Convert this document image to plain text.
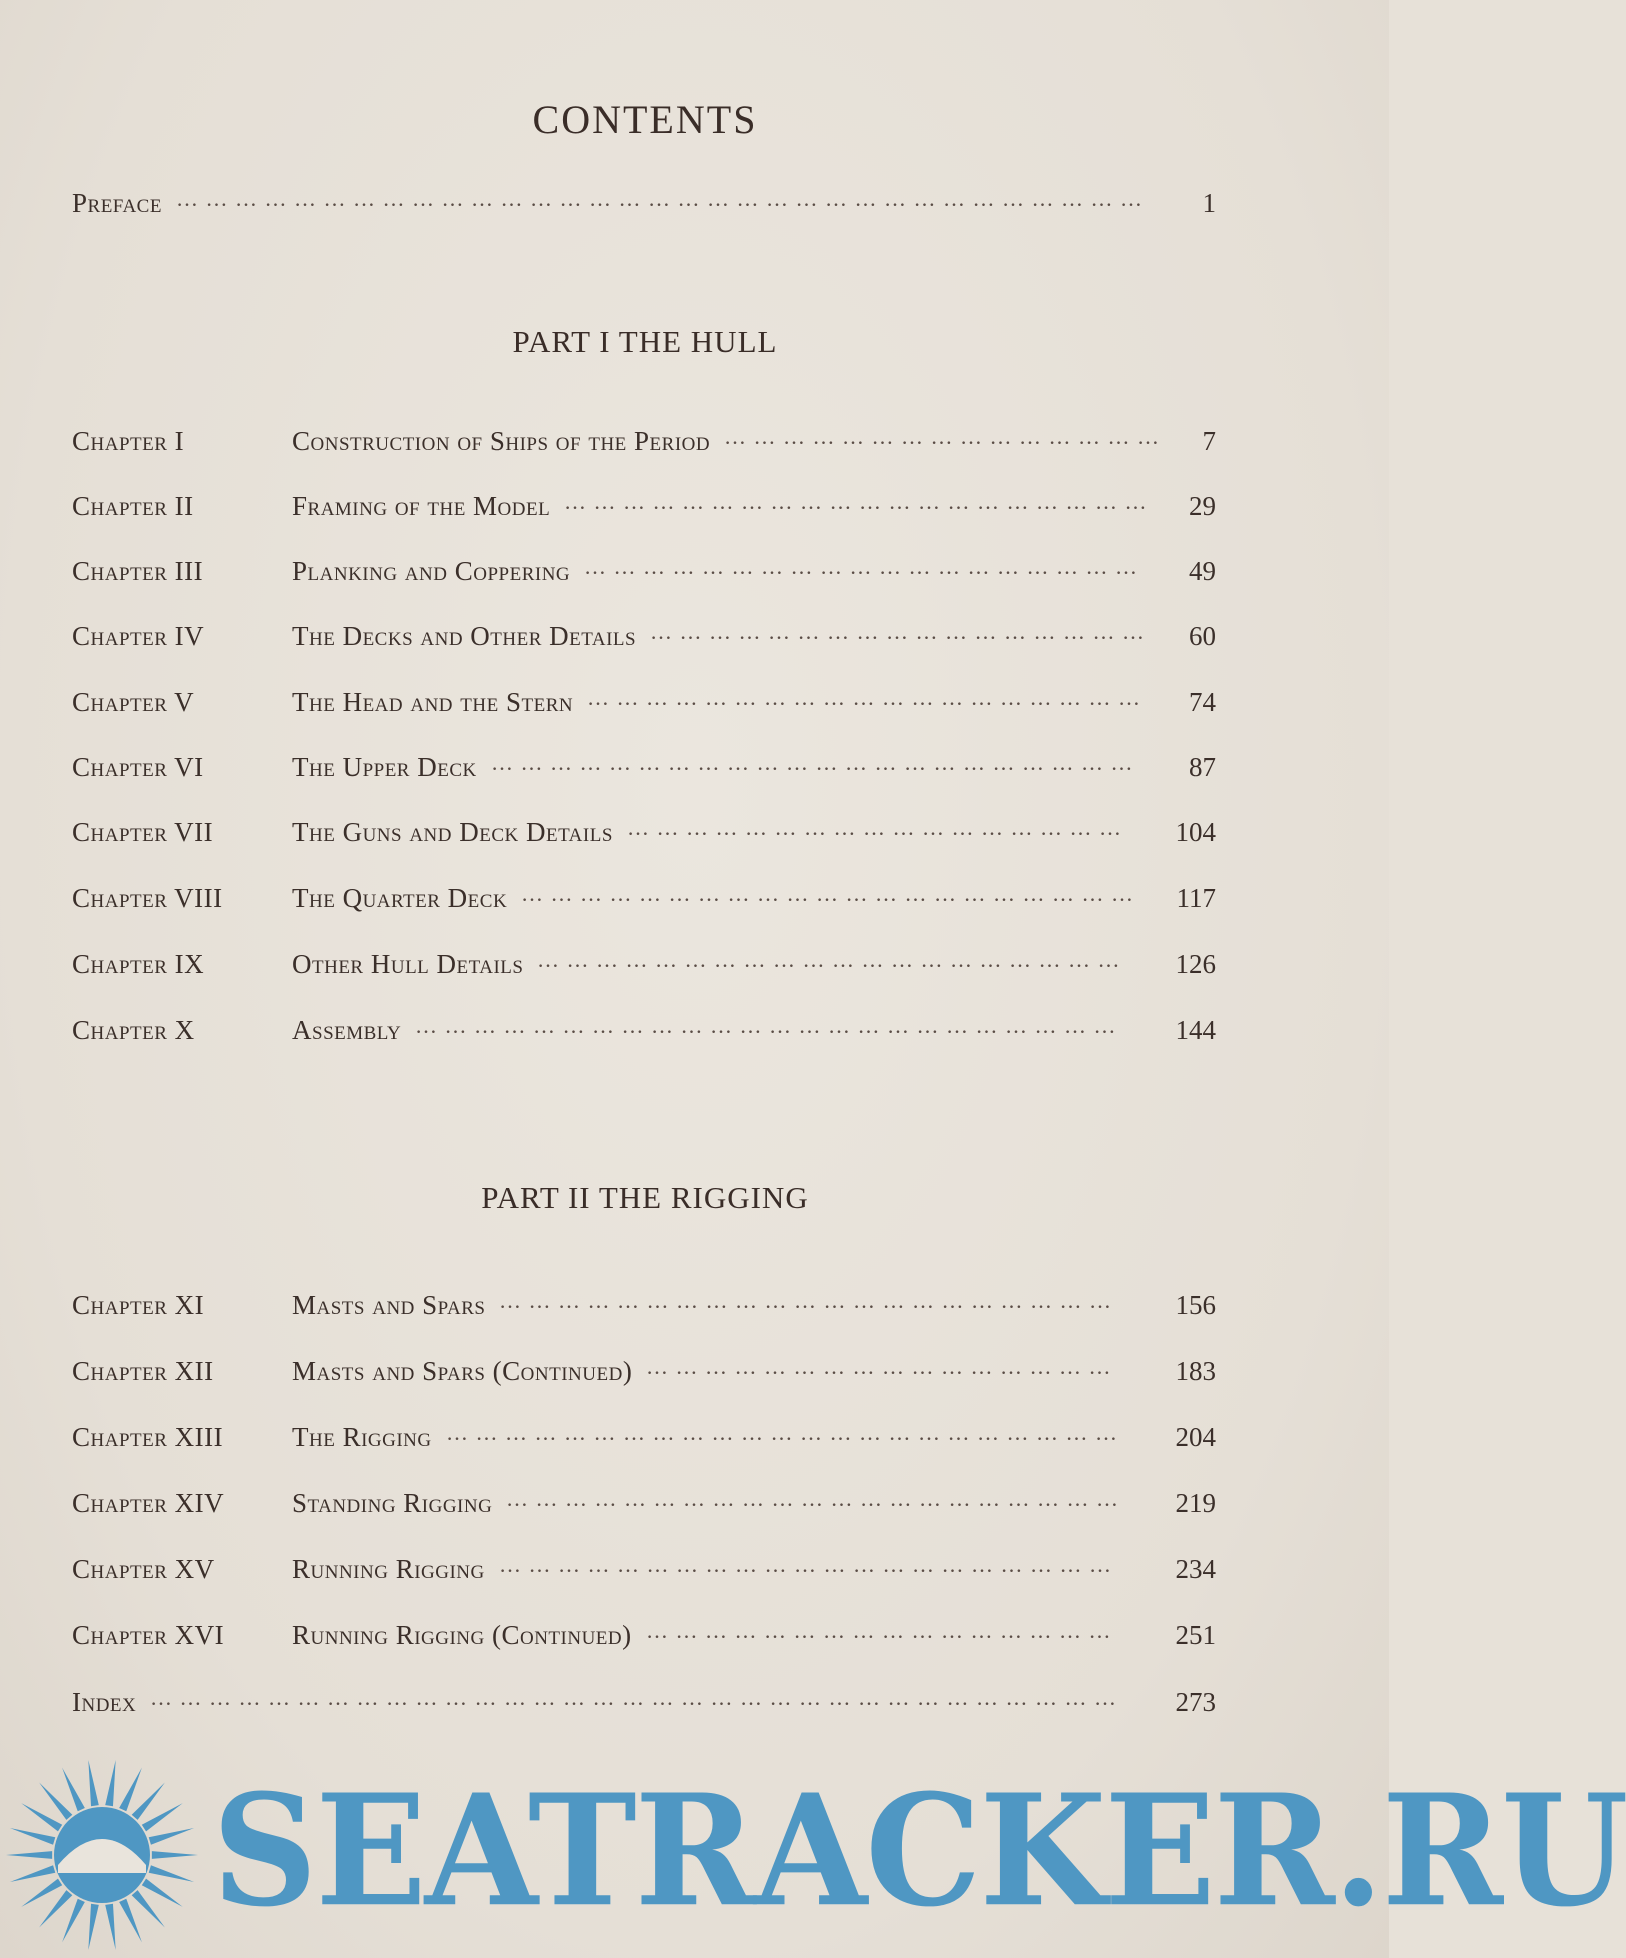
CONTENTS
Preface … … … … … … … … … … … … … … … … … … … … … … … … … … … … … … … … … 1
PART I THE HULL
Chapter I	Construction of Ships of the Period … … … … … … … … … … … … … … … 7
Chapter II	Framing of the Model … … … … … … … … … … … … … … … … … … … … 29
Chapter III	Planking and Coppering … … … … … … … … … … … … … … … … … … … 49
Chapter IV	The Decks and Other Details … … … … … … … … … … … … … … … … … 60
Chapter V	The Head and the Stern … … … … … … … … … … … … … … … … … … … 74
Chapter VI	The Upper Deck … … … … … … … … … … … … … … … … … … … … … … 87
Chapter VII	The Guns and Deck Details … … … … … … … … … … … … … … … … … 104
Chapter VIII	The Quarter Deck … … … … … … … … … … … … … … … … … … … … … 117
Chapter IX	Other Hull Details … … … … … … … … … … … … … … … … … … … … 126
Chapter X	Assembly … … … … … … … … … … … … … … … … … … … … … … … … 144
PART II THE RIGGING
Chapter XI	Masts and Spars … … … … … … … … … … … … … … … … … … … … … 156
Chapter XII	Masts and Spars (Continued) … … … … … … … … … … … … … … … … 183
Chapter XIII	The Rigging … … … … … … … … … … … … … … … … … … … … … … … 204
Chapter XIV	Standing Rigging … … … … … … … … … … … … … … … … … … … … … 219
Chapter XV	Running Rigging … … … … … … … … … … … … … … … … … … … … … 234
Chapter XVI	Running Rigging (Continued) … … … … … … … … … … … … … … … … 251
Index … … … … … … … … … … … … … … … … … … … … … … … … … … … … … … … … … 273
SEATRACKER.RU
